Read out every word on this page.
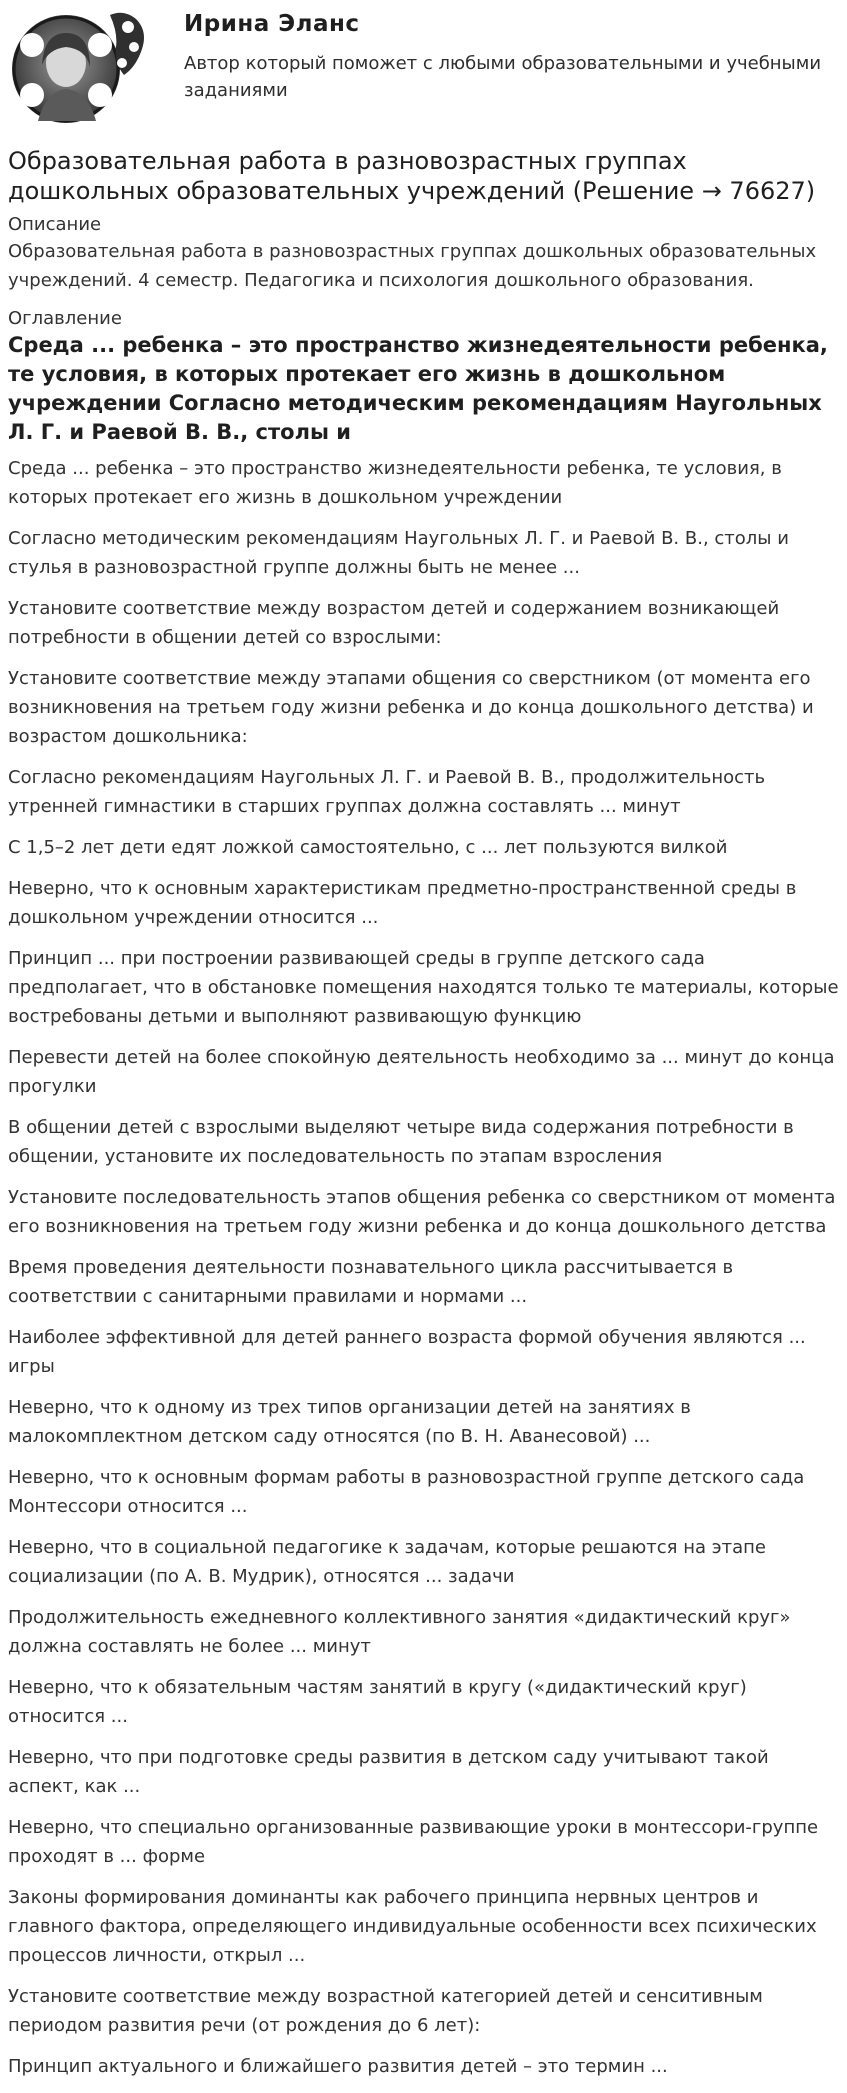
Ирина Эланс
Автор который поможет с любыми образовательными и учебными заданиями
Образовательная работа в разновозрастных группах дошкольных образовательных учреждений (Решение → 76627)
Описание
Образовательная работа в разновозрастных группах дошкольных образовательных учреждений. 4 семестр. Педагогика и психология дошкольного образования.
Оглавление
Среда ... ребенка – это пространство жизнедеятельности ребенка, те условия, в которых протекает его жизнь в дошкольном учреждении Согласно методическим рекомендациям Наугольных Л. Г. и Раевой В. В., столы и
Среда ... ребенка – это пространство жизнедеятельности ребенка, те условия, в которых протекает его жизнь в дошкольном учреждении
Согласно методическим рекомендациям Наугольных Л. Г. и Раевой В. В., столы и стулья в разновозрастной группе должны быть не менее ...
Установите соответствие между возрастом детей и содержанием возникающей потребности в общении детей со взрослыми:
Установите соответствие между этапами общения со сверстником (от момента его возникновения на третьем году жизни ребенка и до конца дошкольного детства) и возрастом дошкольника:
Согласно рекомендациям Наугольных Л. Г. и Раевой В. В., продолжительность утренней гимнастики в старших группах должна составлять ... минут
С 1,5–2 лет дети едят ложкой самостоятельно, с ... лет пользуются вилкой
Неверно, что к основным характеристикам предметно-пространственной среды в дошкольном учреждении относится ...
Принцип ... при построении развивающей среды в группе детского сада предполагает, что в обстановке помещения находятся только те материалы, которые востребованы детьми и выполняют развивающую функцию
Перевести детей на более спокойную деятельность необходимо за ... минут до конца прогулки
В общении детей с взрослыми выделяют четыре вида содержания потребности в общении, установите их последовательность по этапам взросления
Установите последовательность этапов общения ребенка со сверстником от момента его возникновения на третьем году жизни ребенка и до конца дошкольного детства
Время проведения деятельности познавательного цикла рассчитывается в соответствии с санитарными правилами и нормами ...
Наиболее эффективной для детей раннего возраста формой обучения являются ... игры
Неверно, что к одному из трех типов организации детей на занятиях в малокомплектном детском саду относятся (по В. Н. Аванесовой) ...
Неверно, что к основным формам работы в разновозрастной группе детского сада Монтессори относится ...
Неверно, что в социальной педагогике к задачам, которые решаются на этапе социализации (по А. В. Мудрик), относятся ... задачи
Продолжительность ежедневного коллективного занятия «дидактический круг» должна составлять не более ... минут
Неверно, что к обязательным частям занятий в кругу («дидактический круг) относится ...
Неверно, что при подготовке среды развития в детском саду учитывают такой аспект, как ...
Неверно, что специально организованные развивающие уроки в монтессори-группе проходят в ... форме
Законы формирования доминанты как рабочего принципа нервных центров и главного фактора, определяющего индивидуальные особенности всех психических процессов личности, открыл ...
Установите соответствие между возрастной категорией детей и сенситивным периодом развития речи (от рождения до 6 лет):
Принцип актуального и ближайшего развития детей – это термин ...
